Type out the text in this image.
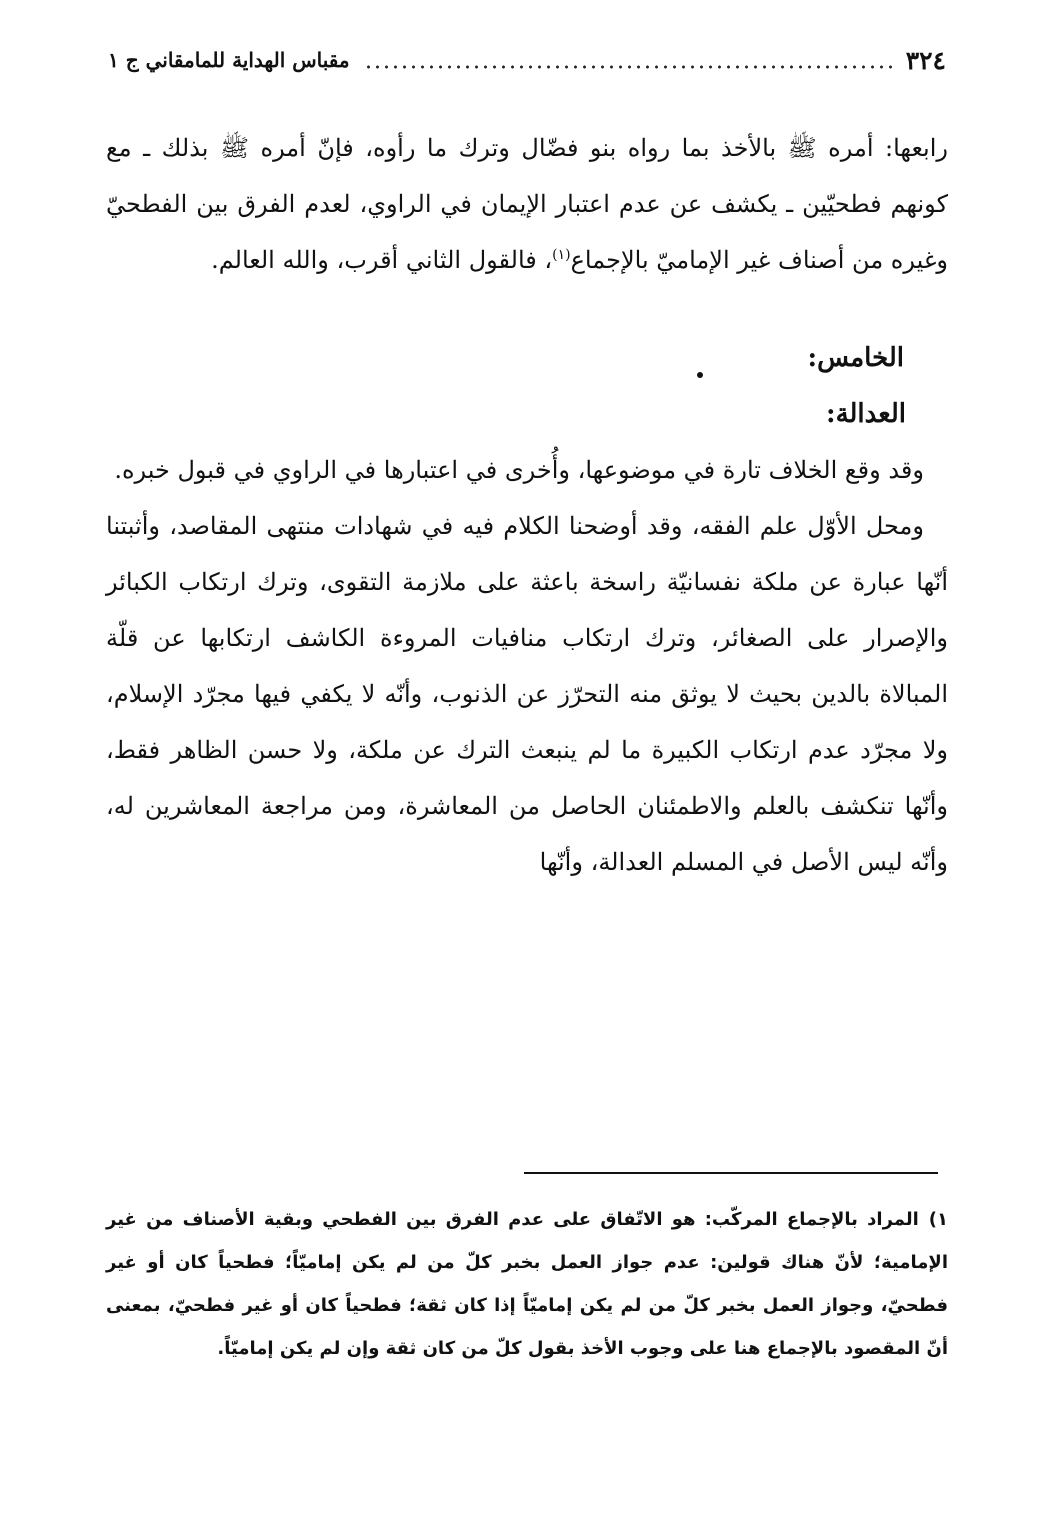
٣٢٤
مقباس الهداية للمامقاني ج ١

رابعها: أمره ﷺ بالأخذ بما رواه بنو فضّال وترك ما رأوه، فإنّ أمره ﷺ بذلك ـ مع كونهم فطحيّين ـ يكشف عن عدم اعتبار الإيمان في الراوي، لعدم الفرق بين الفطحيّ وغيره من أصناف غير الإماميّ بالإجماع$^{(١)}$، فالقول الثاني أقرب، والله العالم.

الخامس:

العدالة:

وقد وقع الخلاف تارة في موضوعها، وأُخرى في اعتبارها في الراوي في قبول خبره.

ومحل الأوّل علم الفقه، وقد أوضحنا الكلام فيه في شهادات منتهى المقاصد، وأثبتنا أنّها عبارة عن ملكة نفسانيّة راسخة باعثة على ملازمة التقوى، وترك ارتكاب الكبائر والإصرار على الصغائر، وترك ارتكاب منافيات المروءة الكاشف ارتكابها عن قلّة المبالاة بالدين بحيث لا يوثق منه التحرّز عن الذنوب، وأنّه لا يكفي فيها مجرّد الإسلام، ولا مجرّد عدم ارتكاب الكبيرة ما لم ينبعث الترك عن ملكة، ولا حسن الظاهر فقط، وأنّها تنكشف بالعلم والاطمئنان الحاصل من المعاشرة، ومن مراجعة المعاشرين له، وأنّه ليس الأصل في المسلم العدالة، وأنّها

١)المراد بالإجماع المركّب: هو الاتّفاق على عدم الفرق بين الفطحي وبقية الأصناف من غير الإمامية؛ لأنّ هناك قولين: عدم جواز العمل بخبر كلّ من لم يكن إماميّاً؛ فطحياً كان أو غير فطحيّ، وجواز العمل بخبر كلّ من لم يكن إماميّاً إذا كان ثقة؛ فطحياً كان أو غير فطحيّ، بمعنى أنّ المقصود بالإجماع هنا على وجوب الأخذ بقول كلّ من كان ثقة وإن لم يكن إماميّاً.
